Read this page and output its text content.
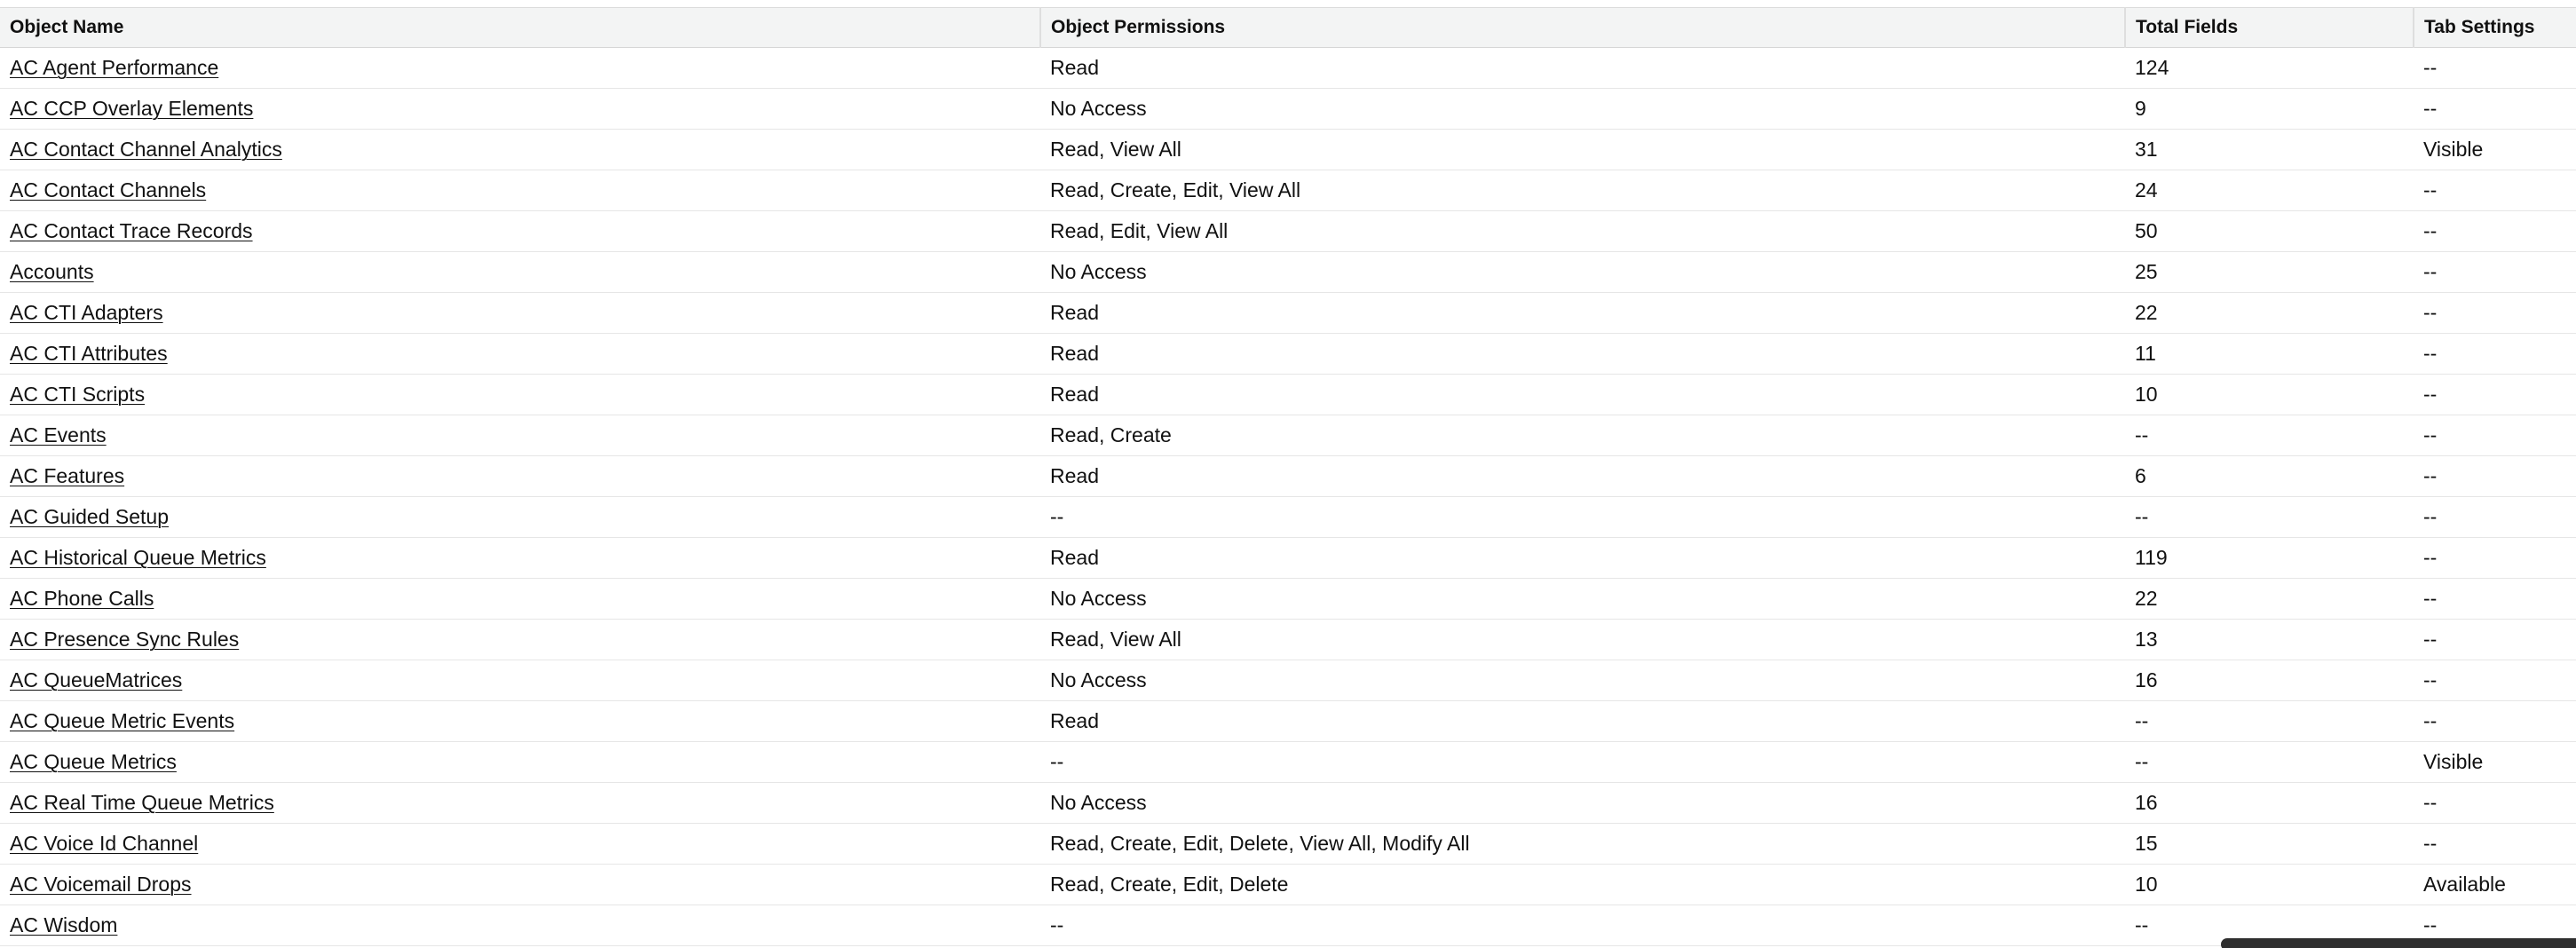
Object Name	Object Permissions	Total Fields	Tab Settings
AC Agent Performance	Read	124	--
AC CCP Overlay Elements	No Access	9	--
AC Contact Channel Analytics	Read, View All	31	Visible
AC Contact Channels	Read, Create, Edit, View All	24	--
AC Contact Trace Records	Read, Edit, View All	50	--
Accounts	No Access	25	--
AC CTI Adapters	Read	22	--
AC CTI Attributes	Read	11	--
AC CTI Scripts	Read	10	--
AC Events	Read, Create	--	--
AC Features	Read	6	--
AC Guided Setup	--	--	--
AC Historical Queue Metrics	Read	119	--
AC Phone Calls	No Access	22	--
AC Presence Sync Rules	Read, View All	13	--
AC QueueMatrices	No Access	16	--
AC Queue Metric Events	Read	--	--
AC Queue Metrics	--	--	Visible
AC Real Time Queue Metrics	No Access	16	--
AC Voice Id Channel	Read, Create, Edit, Delete, View All, Modify All	15	--
AC Voicemail Drops	Read, Create, Edit, Delete	10	Available
AC Wisdom	--	--	--
